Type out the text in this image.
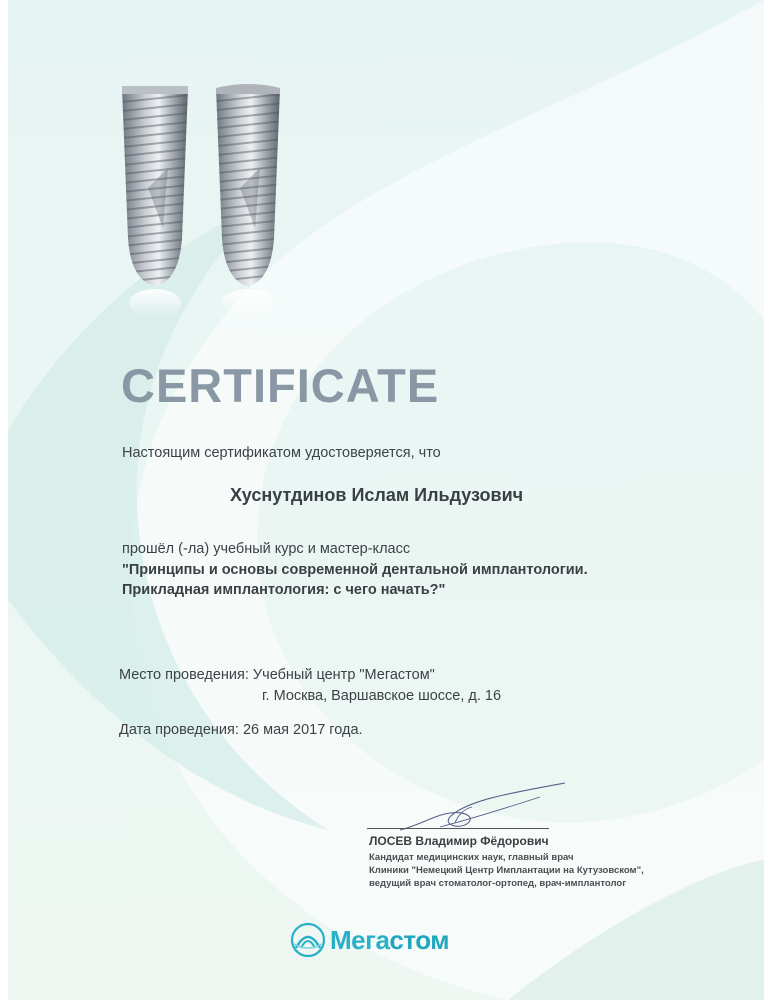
CERTIFICATE
Настоящим сертификатом удостоверяется, что
Хуснутдинов Ислам Ильдузович
прошёл (-ла) учебный курс и мастер-класс
"Принципы и основы современной дентальной имплантологии.
Прикладная имплантология: с чего начать?"
Место проведения: Учебный центр "Мегастом"
г. Москва, Варшавское шоссе, д. 16
Дата проведения: 26 мая 2017 года.
ЛОСЕВ Владимир Фёдорович
Кандидат медицинских наук, главный врач
Клиники "Немецкий Центр Имплантации на Кутузовском",
ведущий врач стоматолог-ортопед, врач-имплантолог
Мегастом
